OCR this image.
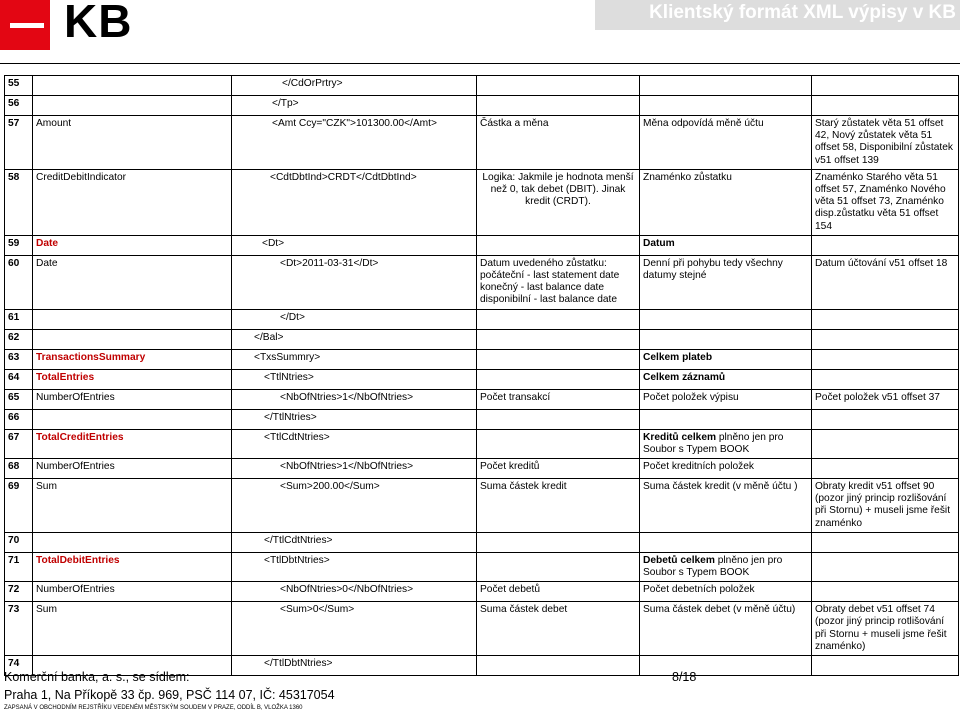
KB	Klientský formát XML výpisy v KB
55		</CdOrPrtry>			
56		</Tp>			
57	Amount	<Amt Ccy="CZK">101300.00</Amt>	Částka a měna	Měna odpovídá měně účtu	Starý zůstatek věta 51 offset 42, Nový zůstatek věta 51 offset 58, Disponibilní zůstatek v51 offset 139
58	CreditDebitIndicator	<CdtDbtInd>CRDT</CdtDbtInd>	Logika: Jakmile je hodnota menší než 0, tak debet (DBIT). Jinak kredit (CRDT).	Znaménko zůstatku	Znaménko Starého věta 51 offset 57, Znaménko Nového věta 51 offset 73, Znaménko disp.zůstatku věta 51 offset 154
59	Date	<Dt>		Datum	
60	Date	<Dt>2011-03-31</Dt>	Datum uvedeného zůstatku: počáteční - last statement date konečný - last balance date disponibilní - last balance date	Denní při pohybu tedy všechny datumy stejné	Datum účtování v51 offset 18
61		</Dt>			
62		</Bal>			
63	TransactionsSummary	<TxsSummry>		Celkem plateb	
64	TotalEntries	<TtlNtries>		Celkem záznamů	
65	NumberOfEntries	<NbOfNtries>1</NbOfNtries>	Počet transakcí	Počet položek výpisu	Počet položek v51 offset 37
66		</TtlNtries>			
67	TotalCreditEntries	<TtlCdtNtries>		Kreditů celkem plněno jen pro Soubor s Typem BOOK	
68	NumberOfEntries	<NbOfNtries>1</NbOfNtries>	Počet kreditů	Počet kreditních položek	
69	Sum	<Sum>200.00</Sum>	Suma částek kredit	Suma částek kredit (v měně účtu )	Obraty kredit v51 offset 90 (pozor jiný princip rozlišování při Stornu) + museli jsme řešit znaménko
70		</TtlCdtNtries>			
71	TotalDebitEntries	<TtlDbtNtries>		Debetů celkem plněno jen pro Soubor s Typem BOOK	
72	NumberOfEntries	<NbOfNtries>0</NbOfNtries>	Počet debetů	Počet debetních položek	
73	Sum	<Sum>0</Sum>	Suma částek debet	Suma částek debet (v měně účtu)	Obraty debet v51 offset 74 (pozor jiný princip rotlišování při Stornu + museli jsme řešit znaménko)
74		</TtlDbtNtries>			
Komerční banka, a. s., se sídlem:	8/18
Praha 1, Na Příkopě 33 čp. 969, PSČ 114 07, IČ: 45317054
ZAPSANÁ V OBCHODNÍM REJSTŘÍKU VEDENÉM MĚSTSKÝM SOUDEM V PRAZE, ODDÍL B, VLOŽKA 1360
